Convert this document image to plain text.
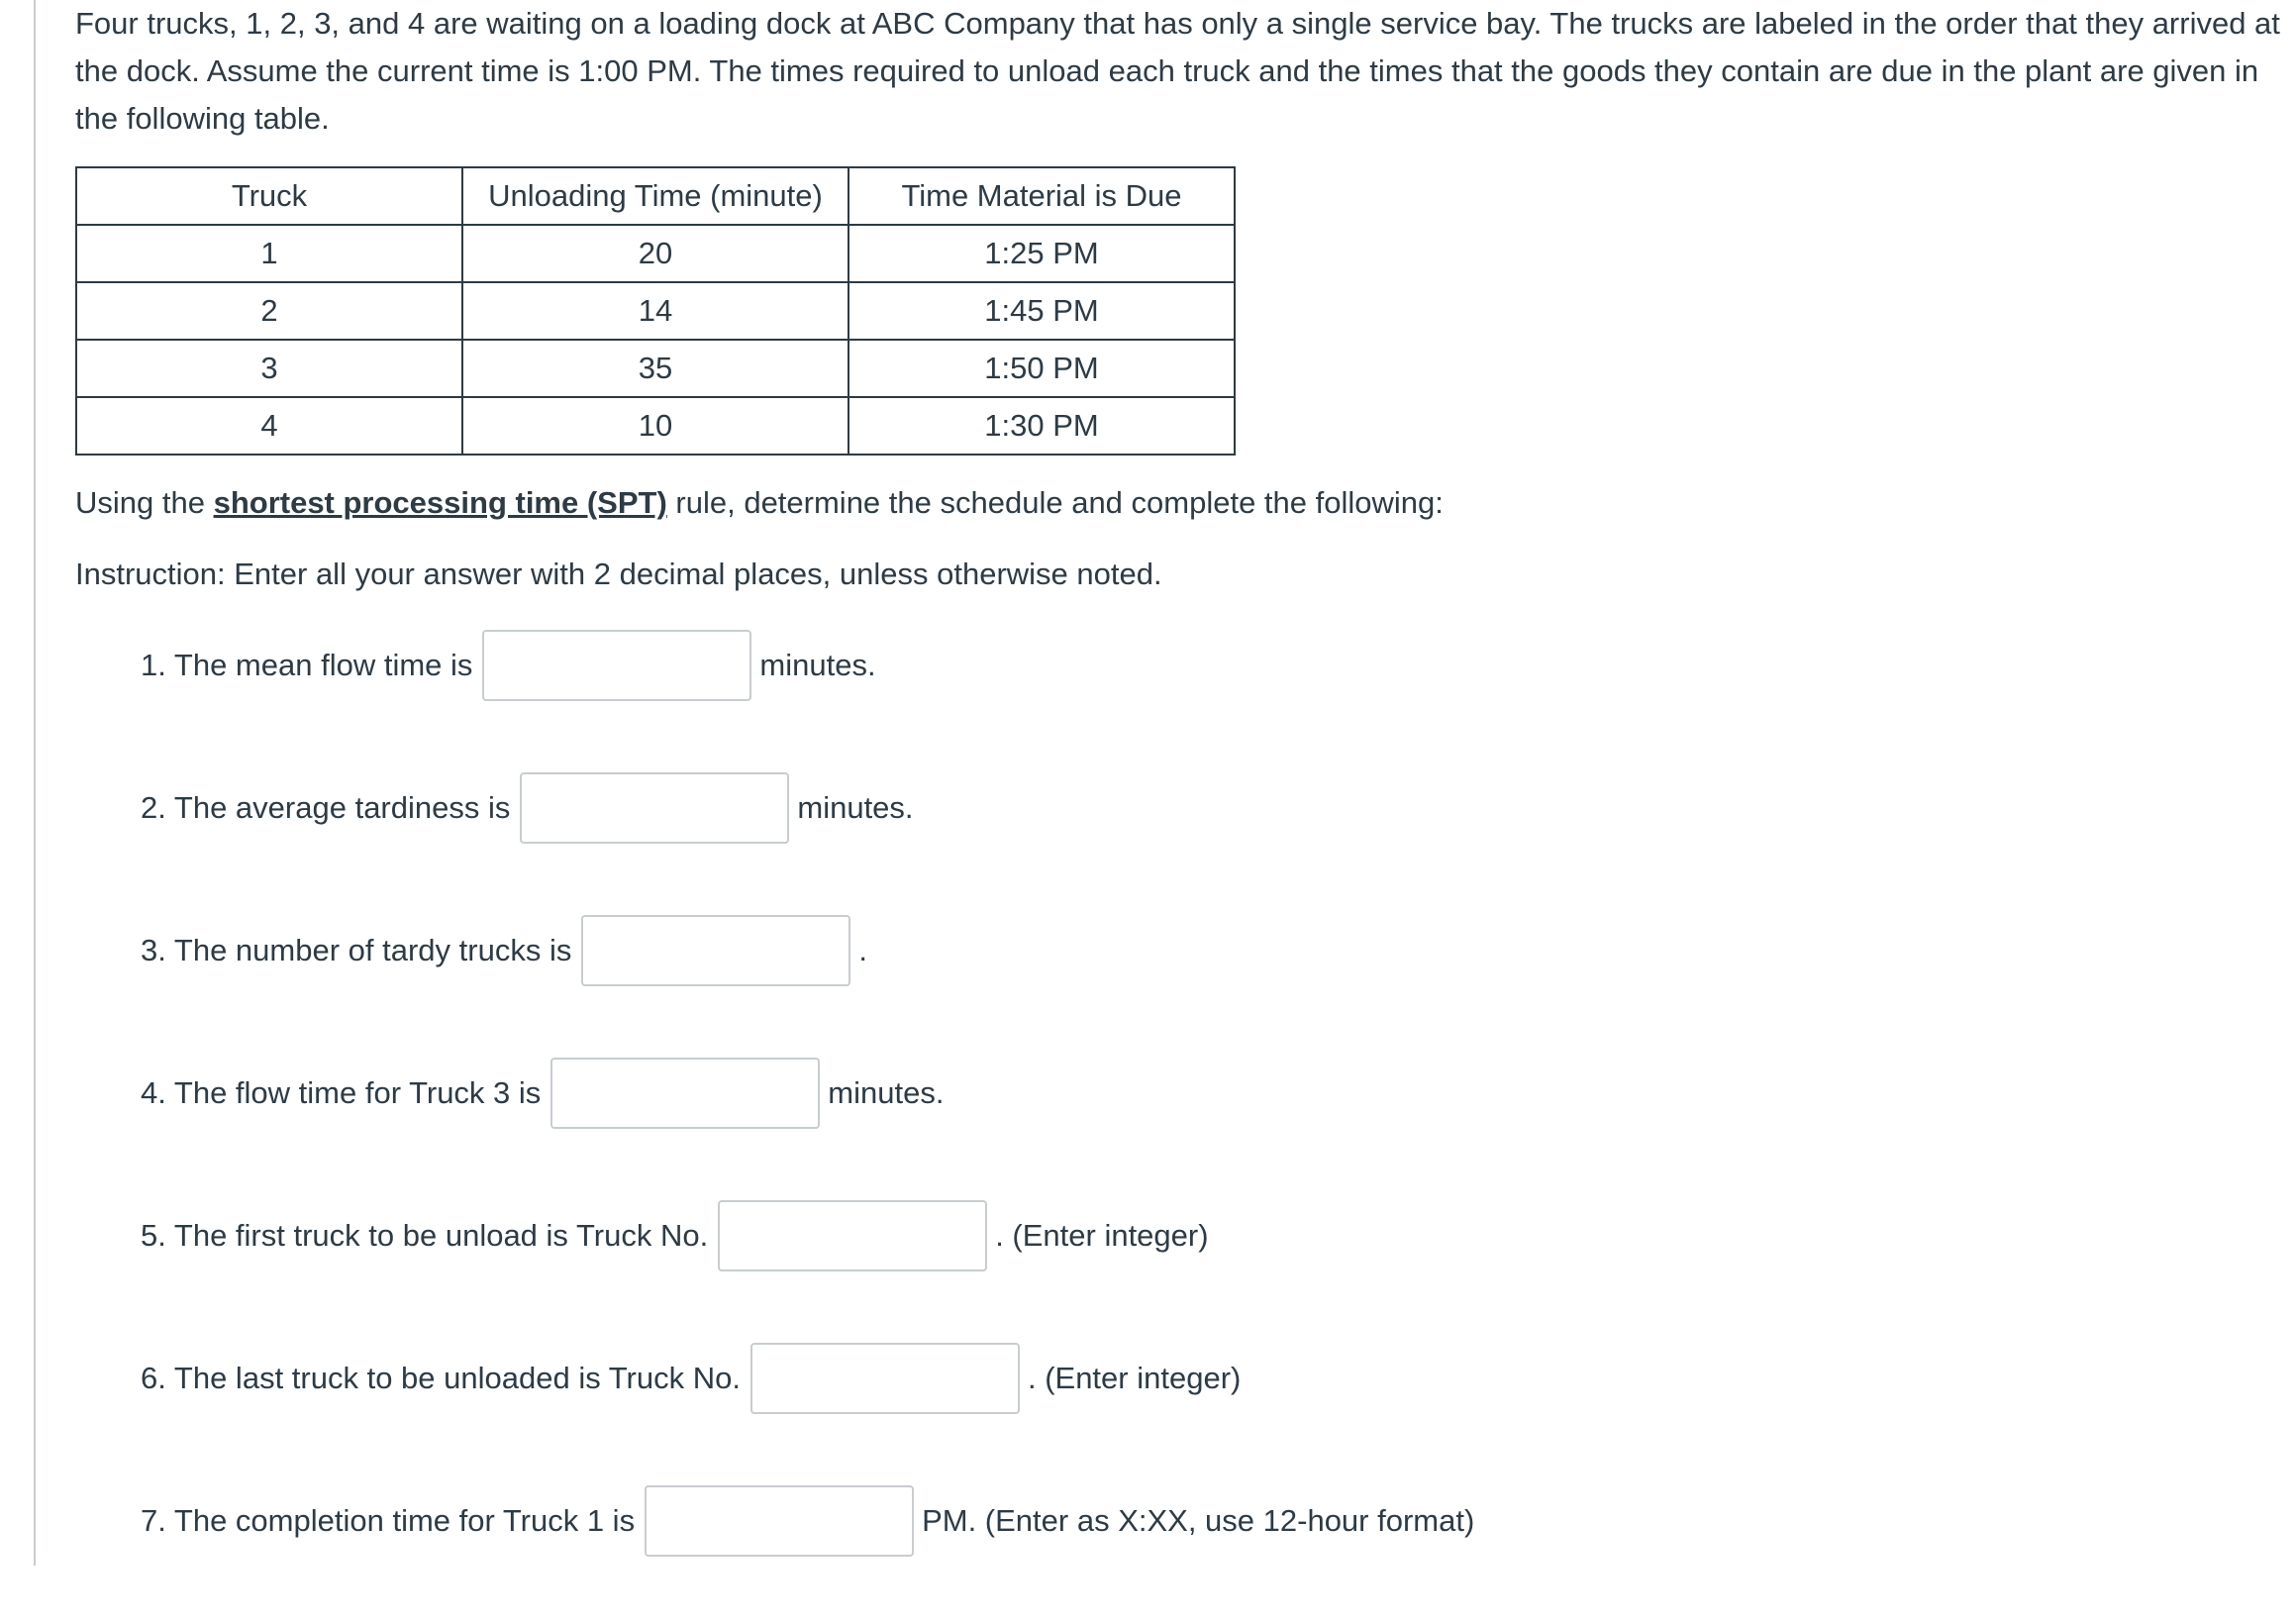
Four trucks, 1, 2, 3, and 4 are waiting on a loading dock at ABC Company that has only a single service bay. The trucks are labeled in the order that they arrived at the dock. Assume the current time is 1:00 PM. The times required to unload each truck and the times that the goods they contain are due in the plant are given in the following table.

Truck	Unloading Time (minute)	Time Material is Due
1	20	1:25 PM
2	14	1:45 PM
3	35	1:50 PM
4	10	1:30 PM

Using the shortest processing time (SPT) rule, determine the schedule and complete the following:

Instruction: Enter all your answer with 2 decimal places, unless otherwise noted.

1. The mean flow time is	minutes.
2. The average tardiness is	minutes.
3. The number of tardy trucks is	.
4. The flow time for Truck 3 is	minutes.
5. The first truck to be unload is Truck No.	. (Enter integer)
6. The last truck to be unloaded is Truck No.	. (Enter integer)
7. The completion time for Truck 1 is	PM. (Enter as X:XX, use 12-hour format)
